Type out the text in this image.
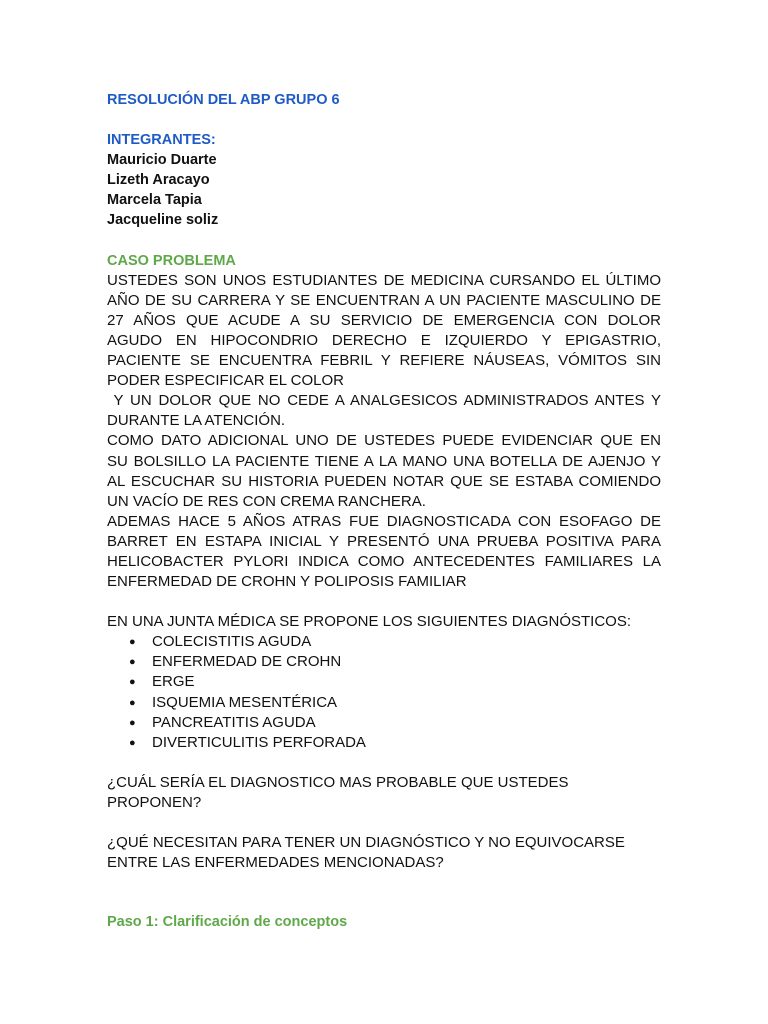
RESOLUCIÓN DEL ABP GRUPO 6
INTEGRANTES:
Mauricio Duarte
Lizeth Aracayo
Marcela Tapia
Jacqueline soliz
CASO PROBLEMA
USTEDES SON UNOS ESTUDIANTES DE MEDICINA CURSANDO EL ÚLTIMO
AÑO DE SU CARRERA Y SE ENCUENTRAN A UN PACIENTE MASCULINO DE
27 AÑOS QUE ACUDE A SU SERVICIO DE EMERGENCIA CON DOLOR
AGUDO EN HIPOCONDRIO DERECHO E IZQUIERDO Y EPIGASTRIO,
PACIENTE SE ENCUENTRA FEBRIL Y REFIERE NÁUSEAS, VÓMITOS SIN
PODER ESPECIFICAR EL COLOR
Y UN DOLOR QUE NO CEDE A ANALGESICOS ADMINISTRADOS ANTES Y
DURANTE LA ATENCIÓN.
COMO DATO ADICIONAL UNO DE USTEDES PUEDE EVIDENCIAR QUE EN
SU BOLSILLO LA PACIENTE TIENE A LA MANO UNA BOTELLA DE AJENJO Y
AL ESCUCHAR SU HISTORIA PUEDEN NOTAR QUE SE ESTABA COMIENDO
UN VACÍO DE RES CON CREMA RANCHERA.
ADEMAS HACE 5 AÑOS ATRAS FUE DIAGNOSTICADA CON ESOFAGO DE
BARRET EN ESTAPA INICIAL Y PRESENTÓ UNA PRUEBA POSITIVA PARA
HELICOBACTER PYLORI INDICA COMO ANTECEDENTES FAMILIARES LA
ENFERMEDAD DE CROHN Y POLIPOSIS FAMILIAR
EN UNA JUNTA MÉDICA SE PROPONE LOS SIGUIENTES DIAGNÓSTICOS:
● COLECISTITIS AGUDA
● ENFERMEDAD DE CROHN
● ERGE
● ISQUEMIA MESENTÉRICA
● PANCREATITIS AGUDA
● DIVERTICULITIS PERFORADA
¿CUÁL SERÍA EL DIAGNOSTICO MAS PROBABLE QUE USTEDES
PROPONEN?
¿QUÉ NECESITAN PARA TENER UN DIAGNÓSTICO Y NO EQUIVOCARSE
ENTRE LAS ENFERMEDADES MENCIONADAS?
Paso 1: Clarificación de conceptos
